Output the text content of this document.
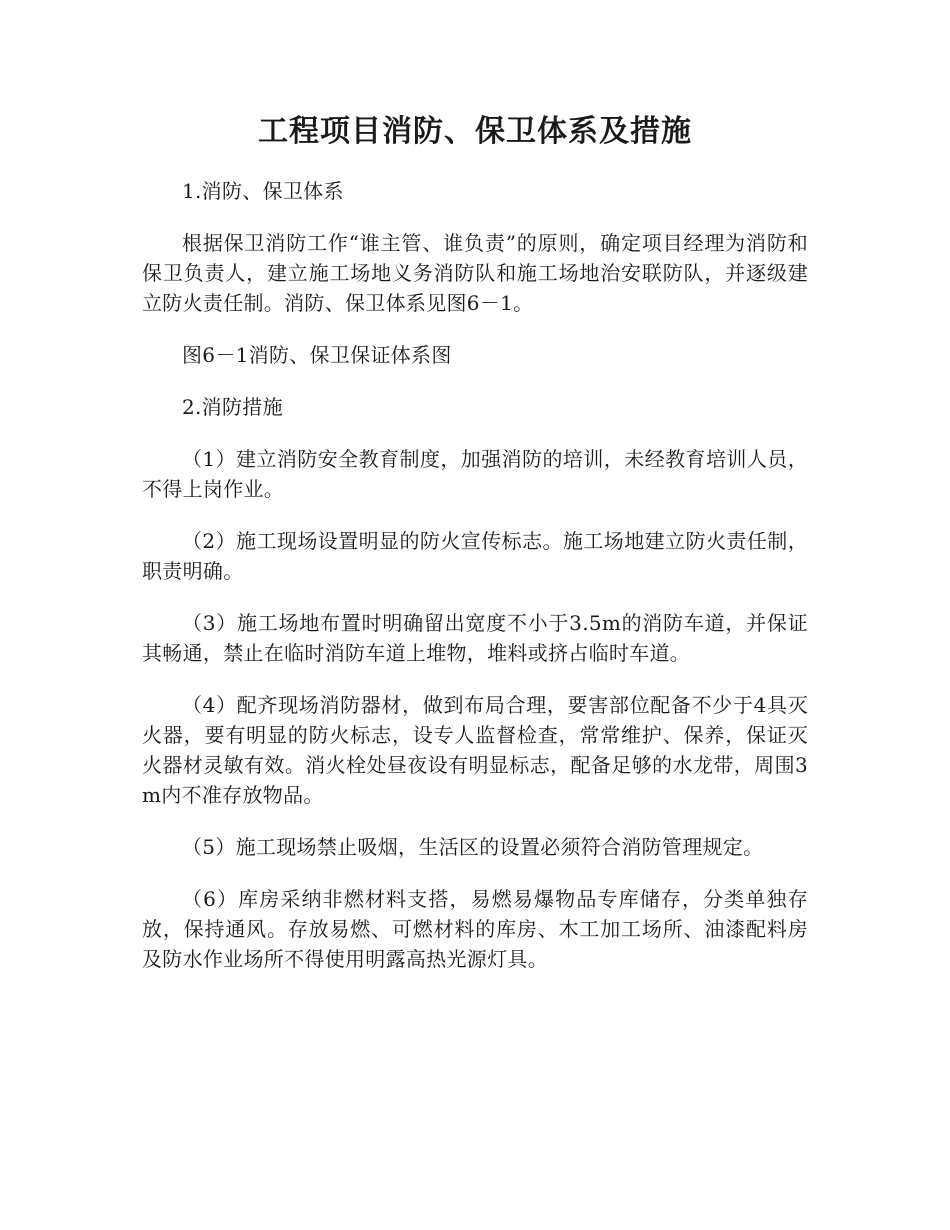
工程项目消防、保卫体系及措施

1.消防、保卫体系

根据保卫消防工作“谁主管、谁负责”的原则，确定项目经理为消防和保卫负责人，建立施工场地义务消防队和施工场地治安联防队，并逐级建立防火责任制。消防、保卫体系见图6－1。

图6－1消防、保卫保证体系图

2.消防措施

（1）建立消防安全教育制度，加强消防的培训，未经教育培训人员，不得上岗作业。

（2）施工现场设置明显的防火宣传标志。施工场地建立防火责任制，职责明确。

（3）施工场地布置时明确留出宽度不小于3.5m的消防车道，并保证其畅通，禁止在临时消防车道上堆物，堆料或挤占临时车道。

（4）配齐现场消防器材，做到布局合理，要害部位配备不少于4具灭火器，要有明显的防火标志，设专人监督检查，常常维护、保养，保证灭火器材灵敏有效。消火栓处昼夜设有明显标志，配备足够的水龙带，周围3m内不准存放物品。

（5）施工现场禁止吸烟，生活区的设置必须符合消防管理规定。

（6）库房采纳非燃材料支搭，易燃易爆物品专库储存，分类单独存放，保持通风。存放易燃、可燃材料的库房、木工加工场所、油漆配料房及防水作业场所不得使用明露高热光源灯具。
